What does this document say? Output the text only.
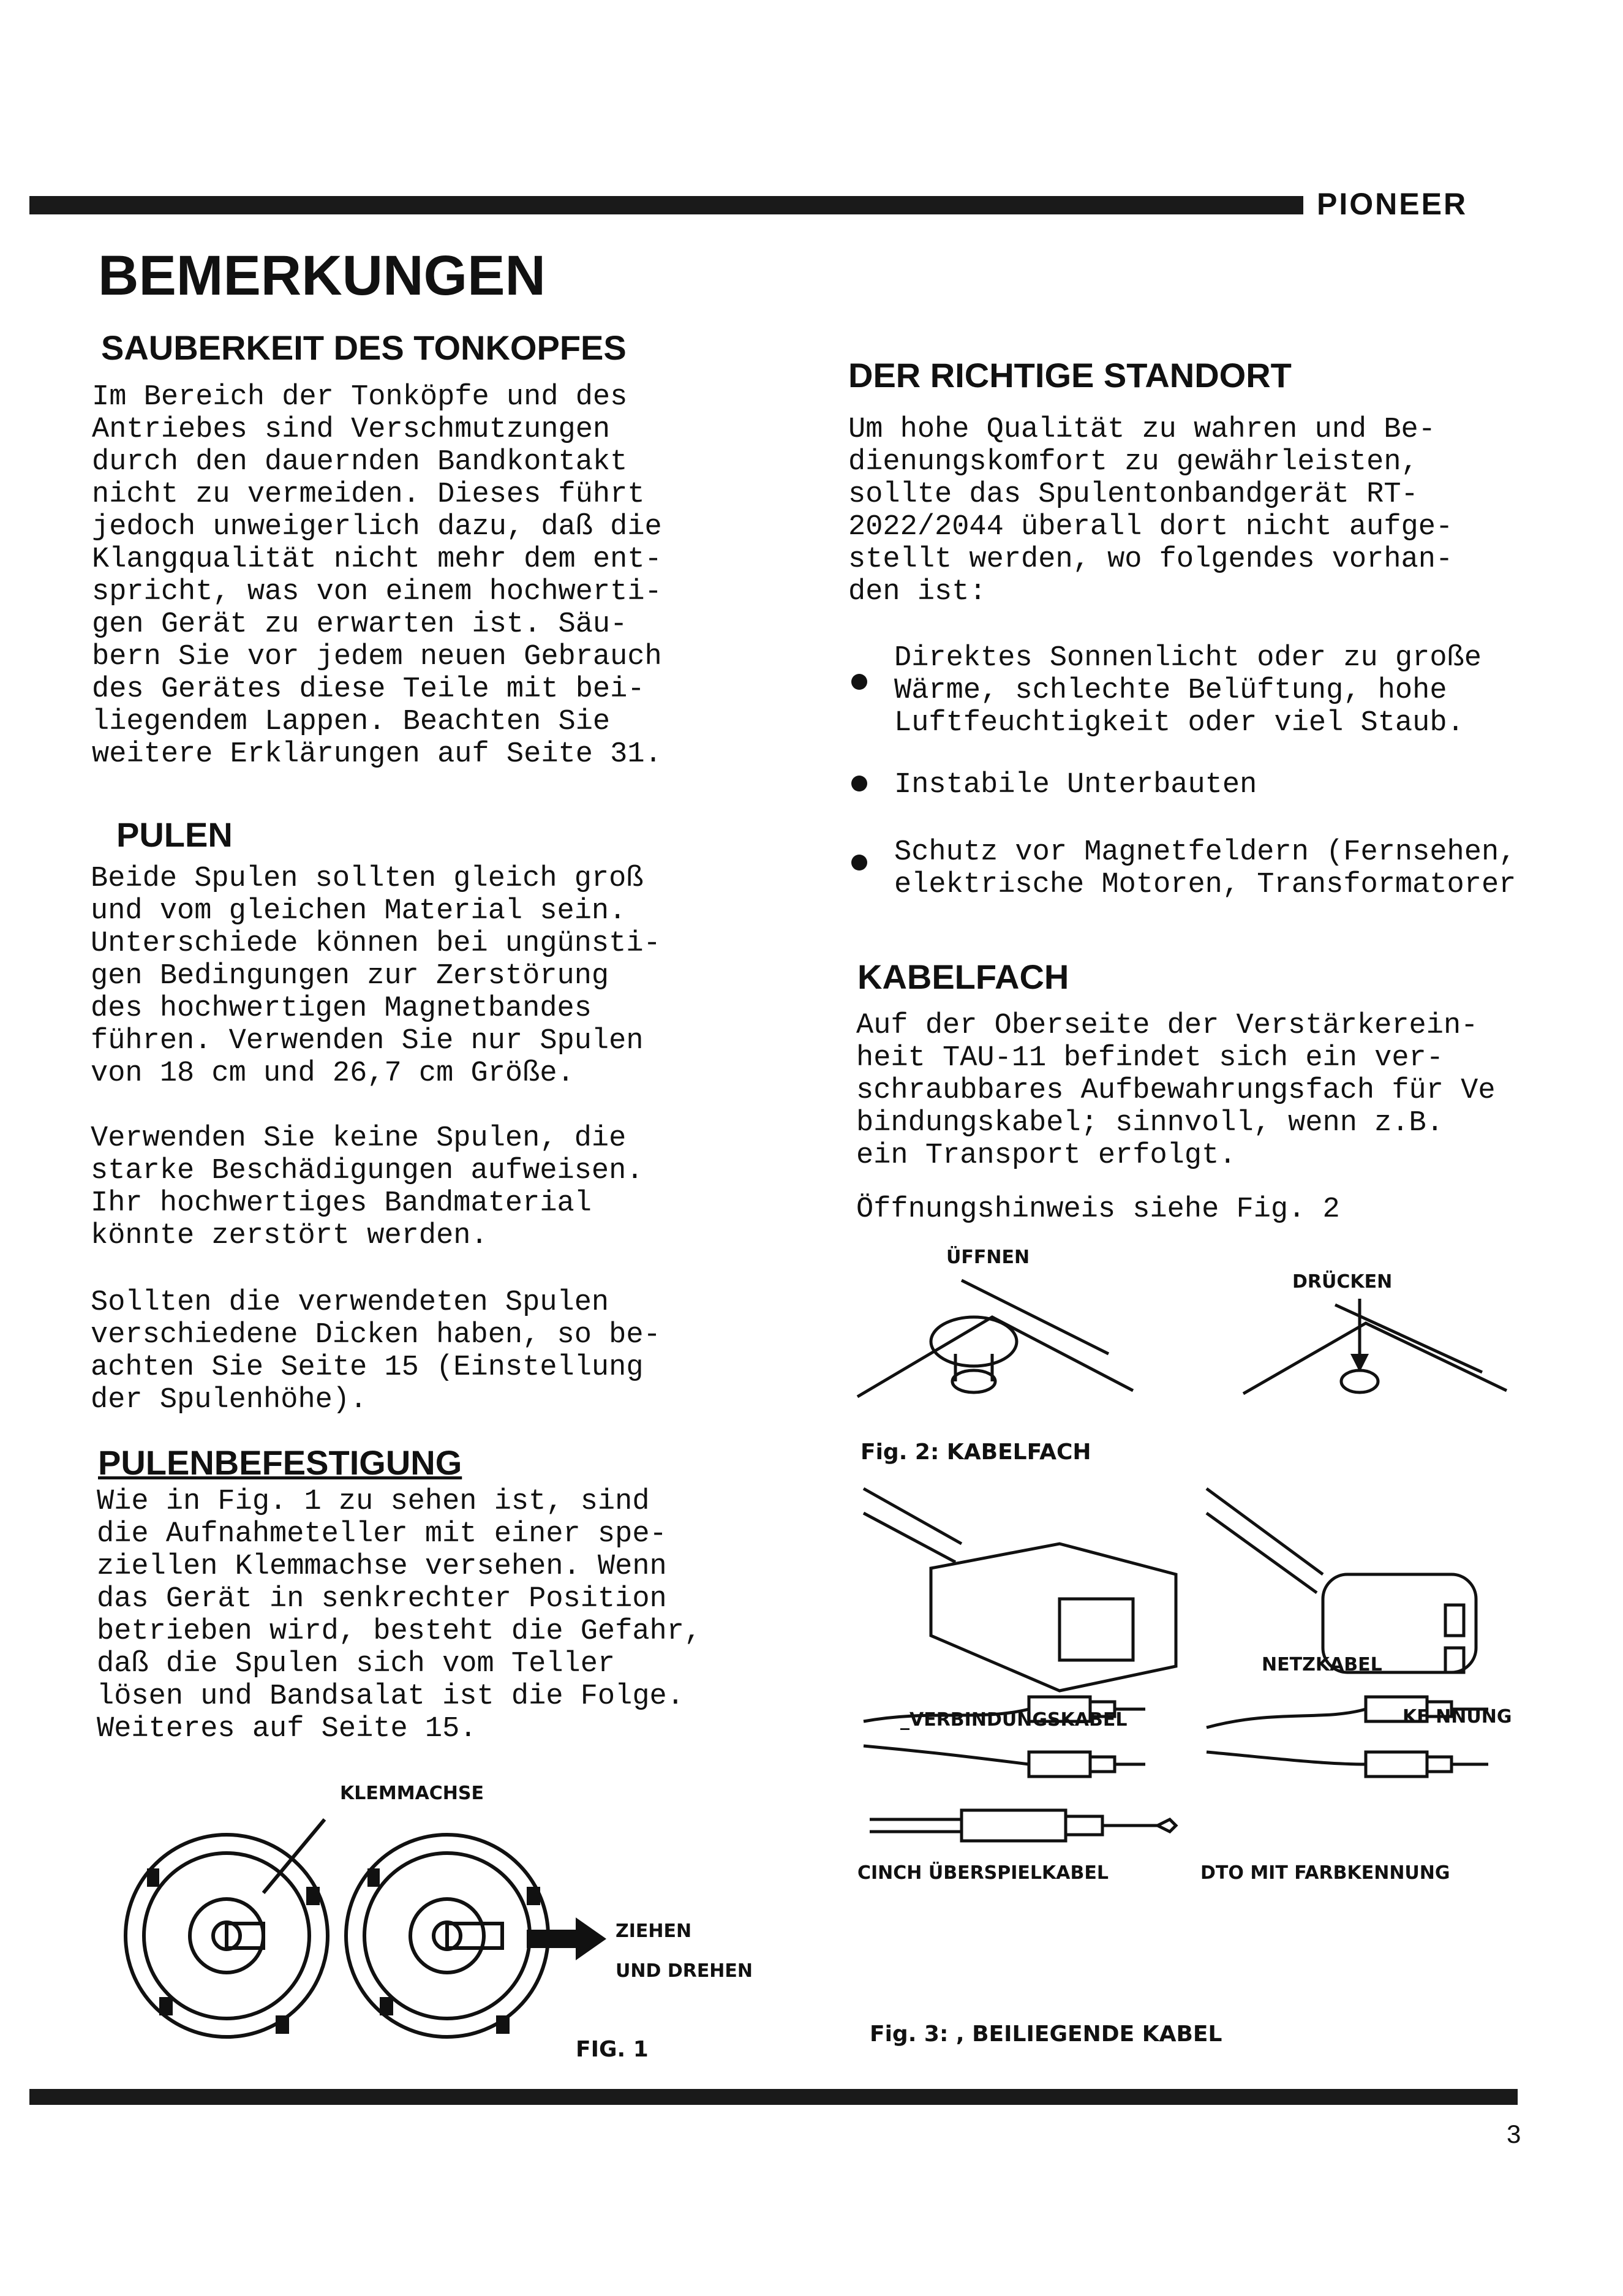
PIONEER
BEMERKUNGEN
SAUBERKEIT DES TONKOPFES
Im Bereich der Tonköpfe und des
Antriebes sind Verschmutzungen
durch den dauernden Bandkontakt
nicht zu vermeiden. Dieses führt
jedoch unweigerlich dazu, daß die
Klangqualität nicht mehr dem ent-
spricht, was von einem hochwerti-
gen Gerät zu erwarten ist. Säu-
bern Sie vor jedem neuen Gebrauch
des Gerätes diese Teile mit bei-
liegendem Lappen. Beachten Sie
weitere Erklärungen auf Seite 31.
PULEN
Beide Spulen sollten gleich groß
und vom gleichen Material sein.
Unterschiede können bei ungünsti-
gen Bedingungen zur Zerstörung
des hochwertigen Magnetbandes
führen. Verwenden Sie nur Spulen
von 18 cm und 26,7 cm Größe.
Verwenden Sie keine Spulen, die
starke Beschädigungen aufweisen.
Ihr hochwertiges Bandmaterial
könnte zerstört werden.
Sollten die verwendeten Spulen
verschiedene Dicken haben, so be-
achten Sie Seite 15 (Einstellung
der Spulenhöhe).
PULENBEFESTIGUNG
Wie in Fig. 1 zu sehen ist, sind
die Aufnahmeteller mit einer spe-
ziellen Klemmachse versehen. Wenn
das Gerät in senkrechter Position
betrieben wird, besteht die Gefahr,
daß die Spulen sich vom Teller
lösen und Bandsalat ist die Folge.
Weiteres auf Seite 15.
KLEMMACHSE
ZIEHEN
UND DREHEN
FIG. 1
DER RICHTIGE STANDORT
Um hohe Qualität zu wahren und Be-
dienungskomfort zu gewährleisten,
sollte das Spulentonbandgerät RT-
2022/2044 überall dort nicht aufge-
stellt werden, wo folgendes vorhan-
den ist:
Direktes Sonnenlicht oder zu große
Wärme, schlechte Belüftung, hohe
Luftfeuchtigkeit oder viel Staub.
Instabile Unterbauten
Schutz vor Magnetfeldern (Fernsehen,
elektrische Motoren, Transformatorer
KABELFACH
Auf der Oberseite der Verstärkerein-
heit TAU-11 befindet sich ein ver-
schraubbares Aufbewahrungsfach für Ve
bindungskabel; sinnvoll, wenn z.B.
ein Transport erfolgt.
Öffnungshinweis siehe Fig. 2
ÜFFNEN
DRÜCKEN
Fig. 2: KABELFACH
NETZKABEL
_VERBINDUNGSKABEL	KE NNUNG
CINCH ÜBERSPIELKABEL	DTO MIT FARBKENNUNG
Fig. 3: , BEILIEGENDE KABEL
3
